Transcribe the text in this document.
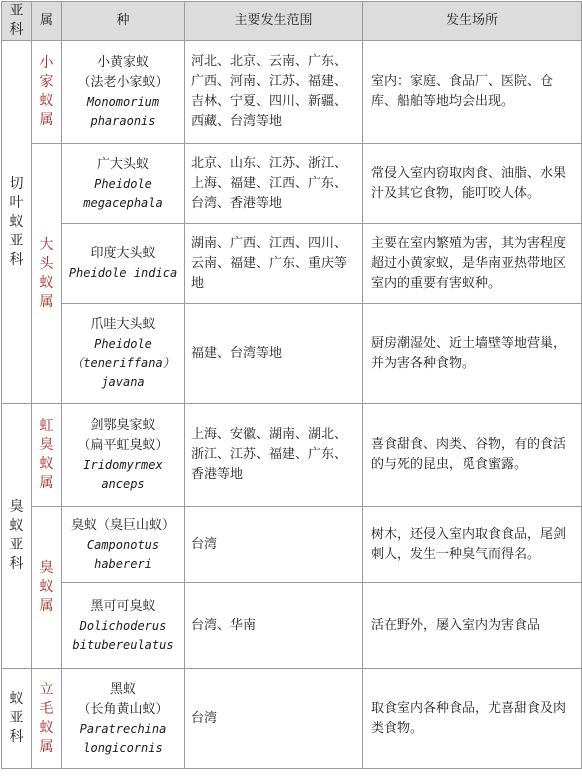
亚科	属	种	主要发生范围	发生场所

切叶蚁亚科	小家蚁属	小黄家蚁
（法老小家蚁）
Monomorium
pharaonis	河北、北京、云南、广东、广西、河南、江苏、福建、吉林、宁夏、四川、新疆、西藏、台湾等地	室内：家庭、食品厂、医院、仓库、船舶等地均会出现。

	大头蚁属	广大头蚁
Pheidole
megacephala	北京、山东、江苏、浙江、上海、福建、江西、广东、台湾、香港等地	常侵入室内窃取肉食、油脂、水果汁及其它食物，能叮咬人体。

		印度大头蚁
Pheidole indica	湖南、广西、江西、四川、云南、福建、广东、重庆等地	主要在室内繁殖为害，其为害程度超过小黄家蚁，是华南亚热带地区室内的重要有害蚁种。

		爪哇大头蚁
Pheidole
（teneriffana）
javana	福建、台湾等地	厨房潮湿处、近土墙壁等地营巢，并为害各种食物。

臭蚁亚科	虹臭蚁属	剑鄂臭家蚁
（扁平虹臭蚁）
Iridomyrmex
anceps	上海、安徽、湖南、湖北、浙江、江苏、福建、广东、香港等地	喜食甜食、肉类、谷物，有的食活的与死的昆虫，觅食蜜露。

	臭蚁属	臭蚁（臭巨山蚁）
Camponotus
habereri	台湾	树木，还侵入室内取食食品，尾剑刺人，发生一种臭气而得名。

		黑可可臭蚁
Dolichoderus
bitubereulatus	台湾、华南	活在野外，屡入室内为害食品

蚁亚科	立毛蚁属	黑蚁
（长角黄山蚁）
Paratrechina
longicornis	台湾	取食室内各种食品，尤喜甜食及肉类食物。
